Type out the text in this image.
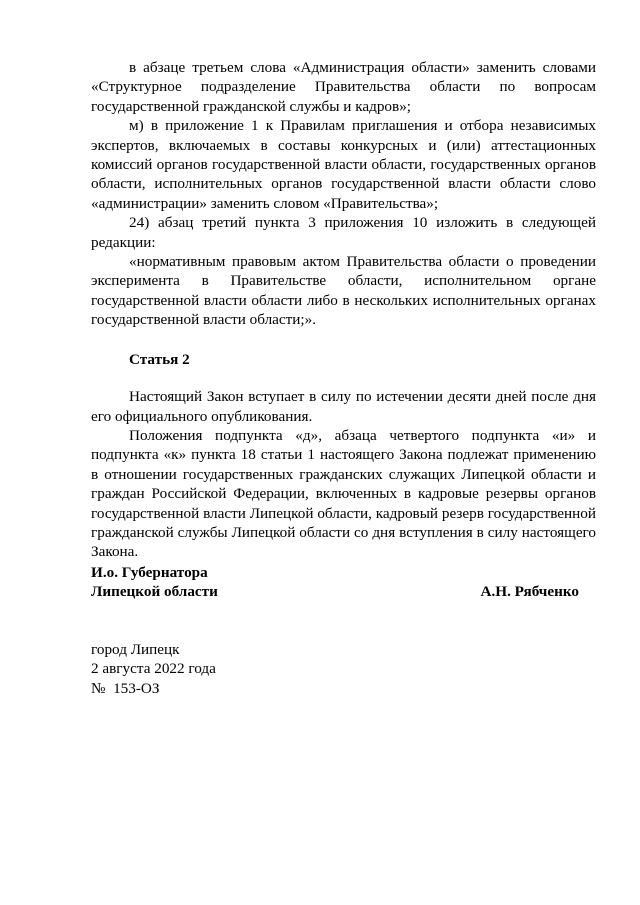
в абзаце третьем слова «Администрация области» заменить словами «Структурное подразделение Правительства области по вопросам государственной гражданской службы и кадров»;

м) в приложение 1 к Правилам приглашения и отбора независимых экспертов, включаемых в составы конкурсных и (или) аттестационных комиссий органов государственной власти области, государственных органов области, исполнительных органов государственной власти области слово «администрации» заменить словом «Правительства»;

24) абзац третий пункта 3 приложения 10 изложить в следующей редакции:

«нормативным правовым актом Правительства области о проведении эксперимента в Правительстве области, исполнительном органе государственной власти области либо в нескольких исполнительных органах государственной власти области;».

Статья 2

Настоящий Закон вступает в силу по истечении десяти дней после дня его официального опубликования.

Положения подпункта «д», абзаца четвертого подпункта «и» и подпункта «к» пункта 18 статьи 1 настоящего Закона подлежат применению в отношении государственных гражданских служащих Липецкой области и граждан Российской Федерации, включенных в кадровые резервы органов государственной власти Липецкой области, кадровый резерв государственной гражданской службы Липецкой области со дня вступления в силу настоящего Закона.

И.о. Губернатора
Липецкой области	А.Н. Рябченко
город Липецк
2 августа 2022 года
№  153-ОЗ
